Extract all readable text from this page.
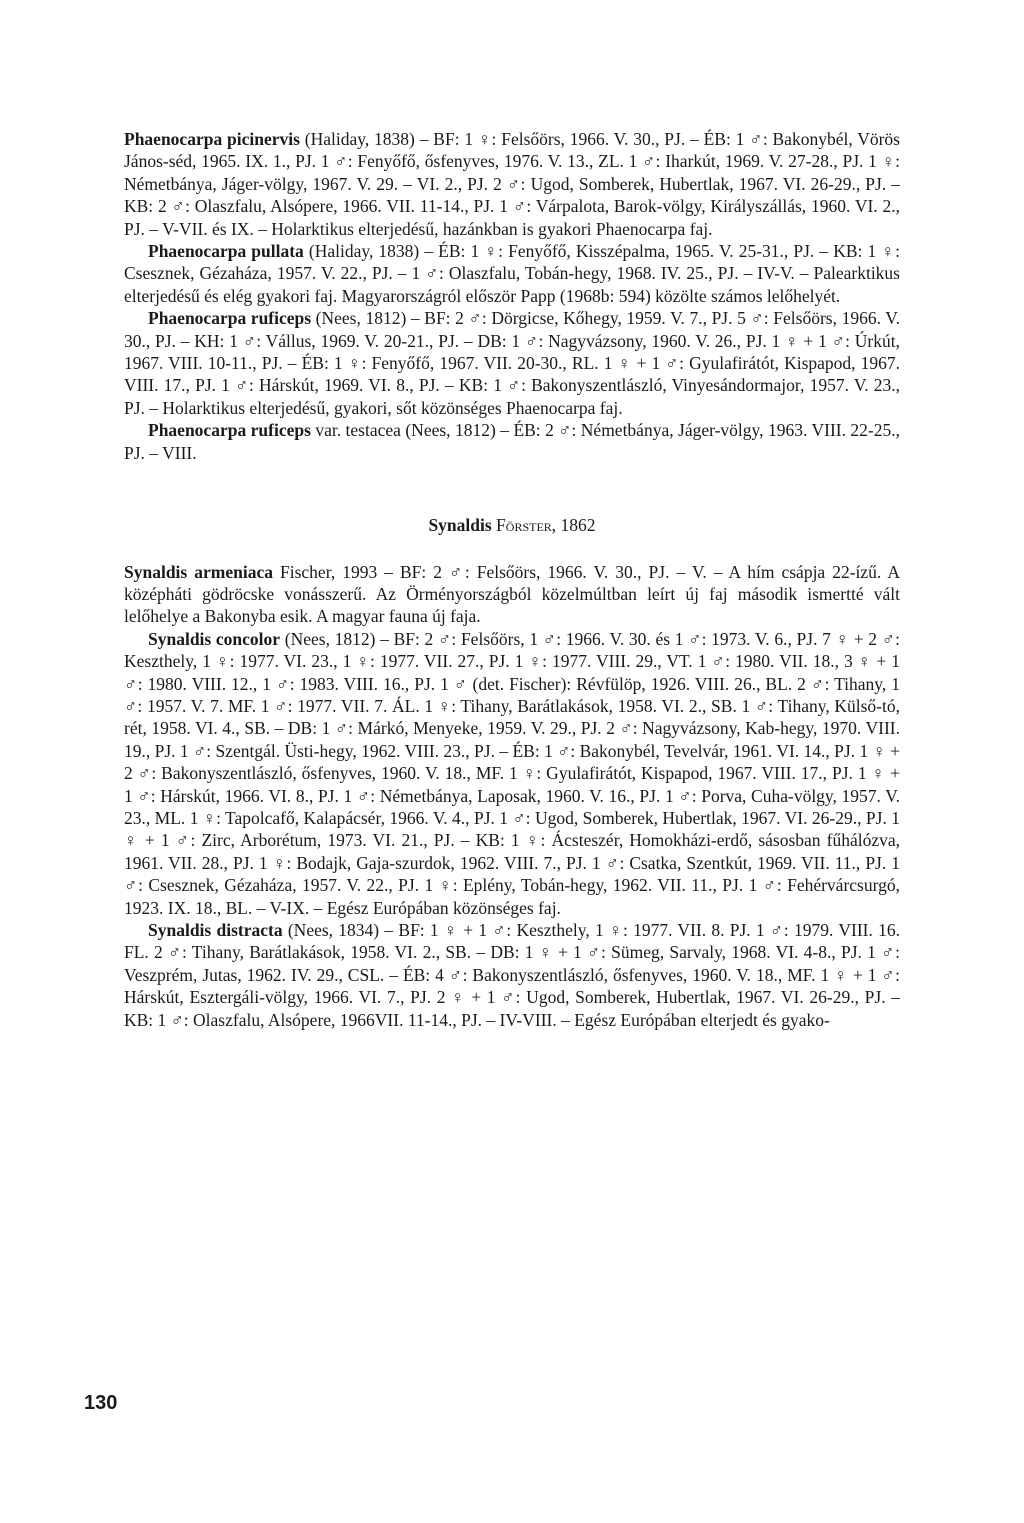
Phaenocarpa picinervis (Haliday, 1838) – BF: 1 ♀: Felsőörs, 1966. V. 30., PJ. – ÉB: 1 ♂: Bakonybél, Vörös János-séd, 1965. IX. 1., PJ. 1 ♂: Fenyőfő, ősfenyves, 1976. V. 13., ZL. 1 ♂: Iharkút, 1969. V. 27-28., PJ. 1 ♀: Németbánya, Jáger-völgy, 1967. V. 29. – VI. 2., PJ. 2 ♂: Ugod, Somberek, Hubertlak, 1967. VI. 26-29., PJ. – KB: 2 ♂: Olaszfalu, Alsópere, 1966. VII. 11-14., PJ. 1 ♂: Várpalota, Barok-völgy, Királyszállás, 1960. VI. 2., PJ. – V-VII. és IX. – Holarktikus elterjedésű, hazánkban is gyakori Phaenocarpa faj.

Phaenocarpa pullata (Haliday, 1838) – ÉB: 1 ♀: Fenyőfő, Kisszépalma, 1965. V. 25-31., PJ. – KB: 1 ♀: Csesznek, Gézaháza, 1957. V. 22., PJ. – 1 ♂: Olaszfalu, Tobán-hegy, 1968. IV. 25., PJ. – IV-V. – Palearktikus elterjedésű és elég gyakori faj. Magyarországról először Papp (1968b: 594) közölte számos lelőhelyét.

Phaenocarpa ruficeps (Nees, 1812) – BF: 2 ♂: Dörgicse, Kőhegy, 1959. V. 7., PJ. 5 ♂: Felsőörs, 1966. V. 30., PJ. – KH: 1 ♂: Vállus, 1969. V. 20-21., PJ. – DB: 1 ♂: Nagyvázsony, 1960. V. 26., PJ. 1 ♀ + 1 ♂: Úrkút, 1967. VIII. 10-11., PJ. – ÉB: 1 ♀: Fenyőfő, 1967. VII. 20-30., RL. 1 ♀ + 1 ♂: Gyulafirátót, Kispapod, 1967. VIII. 17., PJ. 1 ♂: Hárskút, 1969. VI. 8., PJ. – KB: 1 ♂: Bakonyszentlászló, Vinyesándormajor, 1957. V. 23., PJ. – Holarktikus elterjedésű, gyakori, sőt közönséges Phaenocarpa faj.

Phaenocarpa ruficeps var. testacea (Nees, 1812) – ÉB: 2 ♂: Németbánya, Jáger-völgy, 1963. VIII. 22-25., PJ. – VIII.

Synaldis Förster, 1862

Synaldis armeniaca Fischer, 1993 – BF: 2 ♂: Felsőörs, 1966. V. 30., PJ. – V. – A hím csápja 22-ízű. A középháti gödröcske vonásszerű. Az Örményországból közelmúltban leírt új faj második ismertté vált lelőhelye a Bakonyba esik. A magyar fauna új faja.

Synaldis concolor (Nees, 1812) – BF: 2 ♂: Felsőörs, 1 ♂: 1966. V. 30. és 1 ♂: 1973. V. 6., PJ. 7 ♀ + 2 ♂: Keszthely, 1 ♀: 1977. VI. 23., 1 ♀: 1977. VII. 27., PJ. 1 ♀: 1977. VIII. 29., VT. 1 ♂: 1980. VII. 18., 3 ♀ + 1 ♂: 1980. VIII. 12., 1 ♂: 1983. VIII. 16., PJ. 1 ♂ (det. Fischer): Révfülöp, 1926. VIII. 26., BL. 2 ♂: Tihany, 1 ♂: 1957. V. 7. MF. 1 ♂: 1977. VII. 7. ÁL. 1 ♀: Tihany, Barátlakások, 1958. VI. 2., SB. 1 ♂: Tihany, Külső-tó, rét, 1958. VI. 4., SB. – DB: 1 ♂: Márkó, Menyeke, 1959. V. 29., PJ. 2 ♂: Nagyvázsony, Kab-hegy, 1970. VIII. 19., PJ. 1 ♂: Szentgál. Üsti-hegy, 1962. VIII. 23., PJ. – ÉB: 1 ♂: Bakonybél, Tevelvár, 1961. VI. 14., PJ. 1 ♀ + 2 ♂: Bakonyszentlászló, ősfenyves, 1960. V. 18., MF. 1 ♀: Gyulafirátót, Kispapod, 1967. VIII. 17., PJ. 1 ♀ + 1 ♂: Hárskút, 1966. VI. 8., PJ. 1 ♂: Németbánya, Laposak, 1960. V. 16., PJ. 1 ♂: Porva, Cuha-völgy, 1957. V. 23., ML. 1 ♀: Tapolcafő, Kalapácsér, 1966. V. 4., PJ. 1 ♂: Ugod, Somberek, Hubertlak, 1967. VI. 26-29., PJ. 1 ♀ + 1 ♂: Zirc, Arborétum, 1973. VI. 21., PJ. – KB: 1 ♀: Ácsteszér, Homokházi-erdő, sásosban fűhálózva, 1961. VII. 28., PJ. 1 ♀: Bodajk, Gaja-szurdok, 1962. VIII. 7., PJ. 1 ♂: Csatka, Szentkút, 1969. VII. 11., PJ. 1 ♂: Csesznek, Gézaháza, 1957. V. 22., PJ. 1 ♀: Eplény, Tobán-hegy, 1962. VII. 11., PJ. 1 ♂: Fehérvárcsurgó, 1923. IX. 18., BL. – V-IX. – Egész Európában közönséges faj.

Synaldis distracta (Nees, 1834) – BF: 1 ♀ + 1 ♂: Keszthely, 1 ♀: 1977. VII. 8. PJ. 1 ♂: 1979. VIII. 16. FL. 2 ♂: Tihany, Barátlakások, 1958. VI. 2., SB. – DB: 1 ♀ + 1 ♂: Sümeg, Sarvaly, 1968. VI. 4-8., PJ. 1 ♂: Veszprém, Jutas, 1962. IV. 29., CSL. – ÉB: 4 ♂: Bakonyszentlászló, ősfenyves, 1960. V. 18., MF. 1 ♀ + 1 ♂: Hárskút, Esztergáli-völgy, 1966. VI. 7., PJ. 2 ♀ + 1 ♂: Ugod, Somberek, Hubertlak, 1967. VI. 26-29., PJ. – KB: 1 ♂: Olaszfalu, Alsópere, 1966VII. 11-14., PJ. – IV-VIII. – Egész Európában elterjedt és gyako-

130
